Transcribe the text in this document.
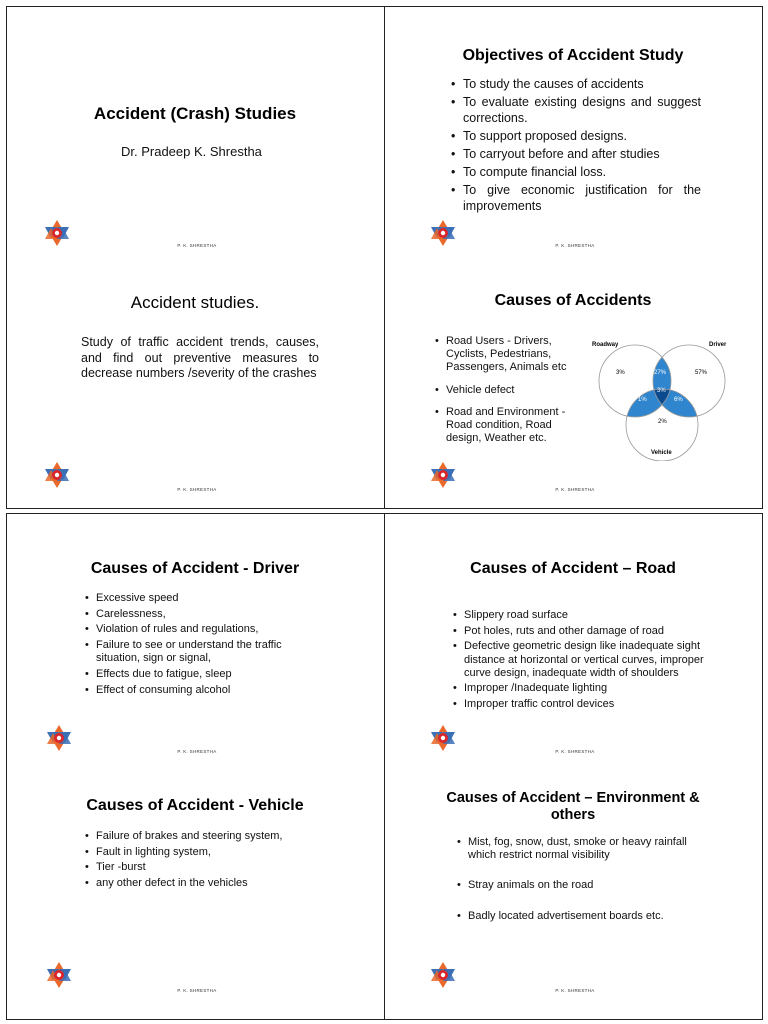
Accident (Crash) Studies
Dr. Pradeep K. Shrestha
P. K. SHRESTHA
Objectives of Accident Study
• To study the causes of accidents
• To evaluate existing designs and suggest corrections.
• To support proposed designs.
• To carryout before and after studies
• To compute financial loss.
• To give economic justification for the improvements
P. K. SHRESTHA
Accident studies.
Study of traffic accident trends, causes, and find out preventive measures to decrease numbers /severity of the crashes
P. K. SHRESTHA
Causes of Accidents
• Road Users - Drivers, Cyclists, Pedestrians, Passengers, Animals etc
• Vehicle defect
• Road and Environment - Road condition, Road design, Weather etc.
Roadway	Driver
Vehicle
3%	57%
2%
27%
1%	6%
3%
P. K. SHRESTHA
Causes of Accident - Driver
• Excessive speed
• Carelessness,
• Violation of rules and regulations,
• Failure to see or understand the traffic situation, sign or signal,
• Effects due to fatigue, sleep
• Effect of consuming alcohol
P. K. SHRESTHA
Causes of Accident – Road
• Slippery road surface
• Pot holes, ruts and other damage of road
• Defective geometric design like inadequate sight distance at horizontal or vertical curves, improper curve design, inadequate width of shoulders
• Improper /Inadequate lighting
• Improper traffic control devices
P. K. SHRESTHA
Causes of Accident - Vehicle
• Failure of brakes and steering system,
• Fault in lighting system,
• Tier -burst
• any other defect in the vehicles
P. K. SHRESTHA
Causes of Accident – Environment & others
• Mist, fog, snow, dust, smoke or heavy rainfall which restrict normal visibility
• Stray animals on the road
• Badly located advertisement boards etc.
P. K. SHRESTHA
